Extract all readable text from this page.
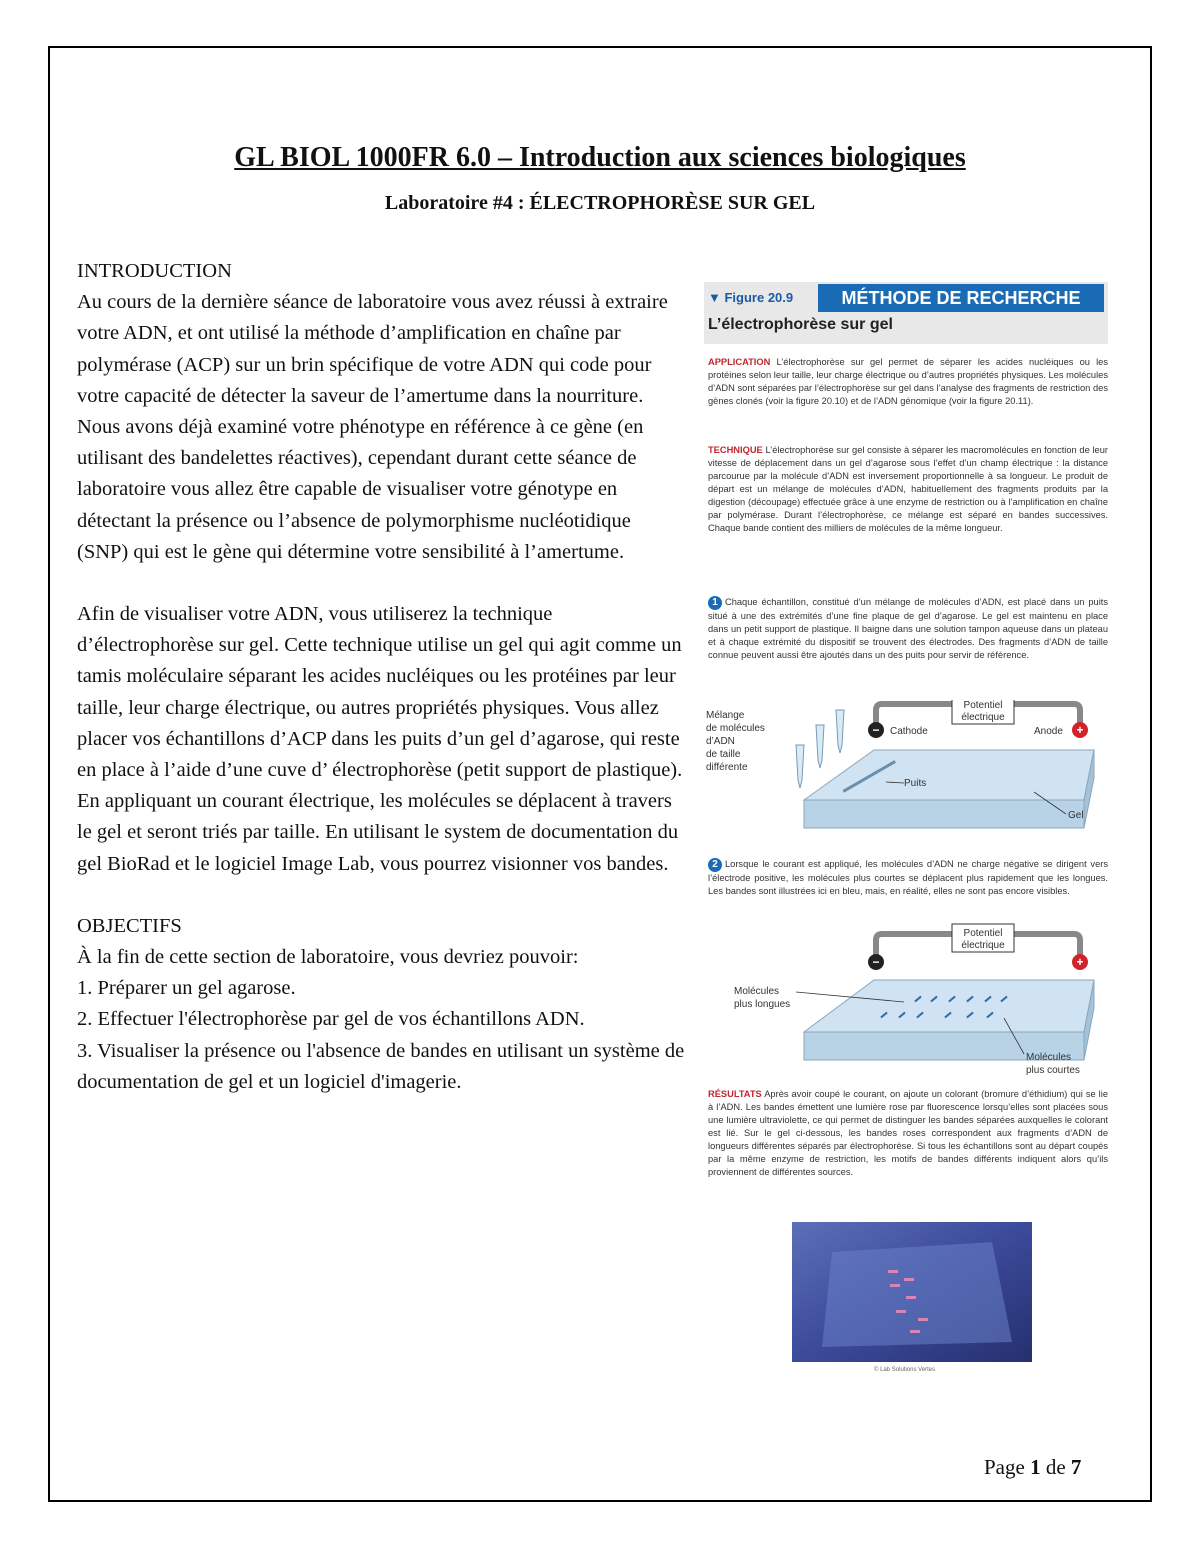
GL BIOL 1000FR 6.0 – Introduction aux sciences biologiques
Laboratoire #4 : ÉLECTROPHORÈSE SUR GEL

INTRODUCTION

Au cours de la dernière séance de laboratoire vous avez réussi à extraire votre ADN, et ont utilisé la méthode d’amplification en chaîne par polymérase (ACP) sur un brin spécifique de votre ADN qui code pour votre capacité de détecter la saveur de l’amertume dans la nourriture. Nous avons déjà examiné votre phénotype en référence à ce gène (en utilisant des bandelettes réactives), cependant durant cette séance de laboratoire vous allez être capable de visualiser votre génotype en détectant la présence ou l’absence de polymorphisme nucléotidique (SNP) qui est le gène qui détermine votre sensibilité à l’amertume.

Afin de visualiser votre ADN, vous utiliserez la technique d’électrophorèse sur gel. Cette technique utilise un gel qui agit comme un tamis moléculaire séparant les acides nucléiques ou les protéines par leur taille, leur charge électrique, ou autres propriétés physiques. Vous allez placer vos échantillons d’ACP dans les puits d’un gel d’agarose, qui reste en place à l’aide d’une cuve d’ électrophorèse (petit support de plastique). En appliquant un courant électrique, les molécules se déplacent à travers le gel et seront triés par taille. En utilisant le system de documentation du gel BioRad et le logiciel Image Lab, vous pourrez visionner vos bandes.

OBJECTIFS

À la fin de cette section de laboratoire, vous devriez pouvoir:

1. Préparer un gel agarose.

2. Effectuer l'électrophorèse par gel de vos échantillons ADN.

3. Visualiser la présence ou l'absence de bandes en utilisant un système de documentation de gel et un logiciel d'imagerie.

▼ Figure 20.9	MÉTHODE DE RECHERCHE
L’électrophorèse sur gel
APPLICATION L’électrophorèse sur gel permet de séparer les acides nucléiques ou les protéines selon leur taille, leur charge électrique ou d’autres propriétés physiques. Les molécules d’ADN sont séparées par l’électrophorèse sur gel dans l’analyse des fragments de restriction des gènes clonés (voir la figure 20.10) et de l’ADN génomique (voir la figure 20.11).
TECHNIQUE L’électrophorèse sur gel consiste à séparer les macromolécules en fonction de leur vitesse de déplacement dans un gel d’agarose sous l’effet d’un champ électrique : la distance parcourue par la molécule d’ADN est inversement proportionnelle à sa longueur. Le produit de départ est un mélange de molécules d’ADN, habituellement des fragments produits par la digestion (découpage) effectuée grâce à une enzyme de restriction ou à l’amplification en chaîne par polymérase. Durant l’électrophorèse, ce mélange est séparé en bandes successives. Chaque bande contient des milliers de molécules de la même longueur.
1 Chaque échantillon, constitué d’un mélange de molécules d’ADN, est placé dans un puits situé à une des extrémités d’une fine plaque de gel d’agarose. Le gel est maintenu en place dans un petit support de plastique. Il baigne dans une solution tampon aqueuse dans un plateau et à chaque extrémité du dispositif se trouvent des électrodes. Des fragments d’ADN de taille connue peuvent aussi être ajoutés dans un des puits pour servir de référence.
Mélange
de molécules
d’ADN
de taille
différente
Potentiel
électrique
− Cathode	+
Anode
Puits
Gel
2 Lorsque le courant est appliqué, les molécules d’ADN ne charge négative se dirigent vers l’électrode positive, les molécules plus courtes se déplacent plus rapidement que les longues. Les bandes sont illustrées ici en bleu, mais, en réalité, elles ne sont pas encore visibles.
Potentiel
électrique
−	+
Molécules
plus longues
Molécules
plus courtes
RÉSULTATS Après avoir coupé le courant, on ajoute un colorant (bromure d’éthidium) qui se lie à l’ADN. Les bandes émettent une lumière rose par fluorescence lorsqu’elles sont placées sous une lumière ultraviolette, ce qui permet de distinguer les bandes séparées auxquelles le colorant est lié. Sur le gel ci-dessous, les bandes roses correspondent aux fragments d’ADN de longueurs différentes séparés par électrophorèse. Si tous les échantillons sont au départ coupés par la même enzyme de restriction, les motifs de bandes différents indiquent alors qu’ils proviennent de différentes sources.
© Lab Solutions Vertes
Page 1 de 7
